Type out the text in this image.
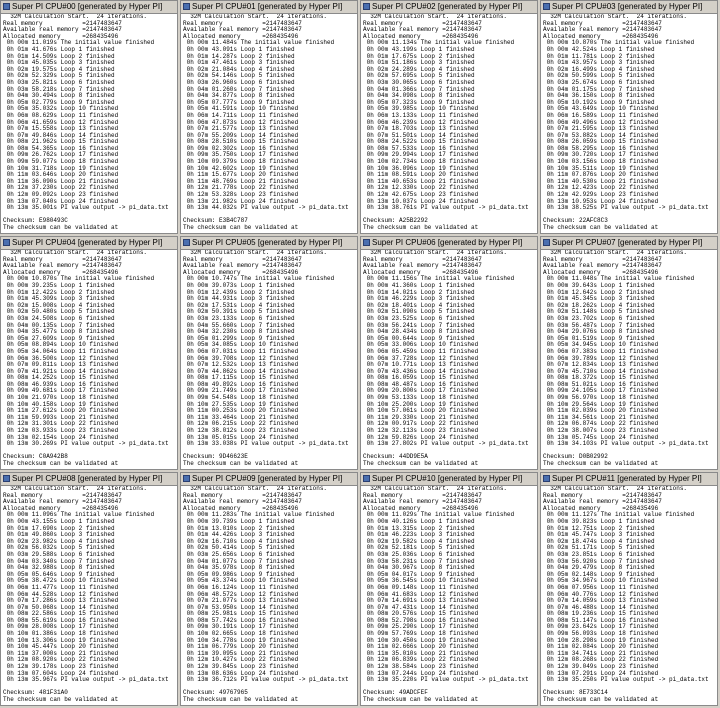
Super PI CPU#00 [generated by Hyper PI]
32M Calculation Start.  24 iterations.
Real memory           =2147483647
Available real memory =2147483647
Allocated memory      =268435496
0h 00m 11.019s The initial value finished
0h 01m 41.676s Loop 1 finished
0h 01m 14.509s Loop 2 finished
0h 01m 45.035s Loop 3 finished
0h 02m 19.575s Loop 4 finished
0h 02m 52.329s Loop 5 finished
0h 03m 25.821s Loop 6 finished
0h 03m 58.218s Loop 7 finished
0h 04m 30.494s Loop 8 finished
0h 05m 02.779s Loop 9 finished
0h 05m 35.032s Loop 10 finished
0h 06m 08.629s Loop 11 finished
0h 06m 41.659s Loop 12 finished
0h 07m 15.558s Loop 13 finished
0h 07m 49.846s Loop 14 finished
0h 08m 21.962s Loop 15 finished
0h 08m 54.365s Loop 16 finished
0h 09m 26.762s Loop 17 finished
0h 09m 59.077s Loop 18 finished
0h 10m 31.718s Loop 19 finished
0h 11m 03.646s Loop 20 finished
0h 11m 36.090s Loop 21 finished
0h 12m 37.230s Loop 22 finished
0h 12m 09.092s Loop 23 finished
0h 13m 07.040s Loop 24 finished
0h 13m 35.001s PI value output -> pi_data.txt
Checksum: E980493C
The checksum can be validated at
Super PI CPU#01 [generated by Hyper PI]
32M Calculation Start.  24 iterations.
Real memory           =2147483647
Available real memory =2147483647
Allocated memory      =268435496
0h 00m 11.484s The initial value finished
0h 00m 43.091s Loop 1 finished
0h 01m 14.287s Loop 2 finished
0h 01m 47.461s Loop 3 finished
0h 02m 21.084s Loop 4 finished
0h 02m 54.146s Loop 5 finished
0h 03m 26.960s Loop 6 finished
0h 04m 01.260s Loop 7 finished
0h 04m 34.877s Loop 8 finished
0h 05m 07.777s Loop 9 finished
0h 05m 41.591s Loop 10 finished
0h 06m 14.711s Loop 11 finished
0h 06m 47.873s Loop 12 finished
0h 07m 21.577s Loop 13 finished
0h 07m 55.209s Loop 14 finished
0h 08m 28.510s Loop 15 finished
0h 09m 02.302s Loop 16 finished
0h 09m 35.750s Loop 17 finished
0h 10m 09.379s Loop 18 finished
0h 10m 42.602s Loop 19 finished
0h 11m 15.677s Loop 20 finished
0h 11m 48.769s Loop 21 finished
0h 12m 21.778s Loop 22 finished
0h 12m 53.328s Loop 23 finished
0h 13m 21.982s Loop 24 finished
0h 13m 44.032s PI value output -> pi_data.txt
Checksum: E3B4C787
The checksum can be validated at
Super PI CPU#02 [generated by Hyper PI]
32M Calculation Start.  24 iterations.
Real memory           =2147483647
Available real memory =2147483647
Allocated memory      =268435496
0h 00m 11.134s The initial value finished
0h 00m 43.199s Loop 1 finished
0h 01m 17.675s Loop 2 finished
0h 01m 51.186s Loop 3 finished
0h 02m 24.289s Loop 4 finished
0h 02m 57.695s Loop 5 finished
0h 03m 30.065s Loop 6 finished
0h 04m 01.366s Loop 7 finished
0h 04m 34.098s Loop 8 finished
0h 05m 07.323s Loop 9 finished
0h 05m 39.985s Loop 10 finished
0h 06m 13.133s Loop 11 finished
0h 06m 46.239s Loop 12 finished
0h 07m 18.703s Loop 13 finished
0h 07m 51.501s Loop 14 finished
0h 08m 24.522s Loop 15 finished
0h 08m 57.533s Loop 16 finished
0h 09m 29.994s Loop 17 finished
0h 10m 02.734s Loop 18 finished
0h 10m 36.096s Loop 19 finished
0h 11m 08.591s Loop 20 finished
0h 11m 40.653s Loop 21 finished
0h 12m 12.330s Loop 22 finished
0h 12m 42.675s Loop 23 finished
0h 13m 10.037s Loop 24 finished
0h 13m 38.761s PI value output -> pi_data.txt
Checksum: A25B2292
The checksum can be validated at
Super PI CPU#03 [generated by Hyper PI]
32M Calculation Start.  24 iterations.
Real memory           =2147483647
Available real memory =2147483647
Allocated memory      =268435496
0h 00m 10.870s The initial value finished
0h 00m 42.524s Loop 1 finished
0h 01m 11.781s Loop 2 finished
0h 01m 43.957s Loop 3 finished
0h 02m 16.499s Loop 4 finished
0h 02m 50.599s Loop 5 finished
0h 03m 25.674s Loop 6 finished
0h 04m 01.175s Loop 7 finished
0h 04m 36.150s Loop 8 finished
0h 05m 10.192s Loop 9 finished
0h 05m 43.649s Loop 10 finished
0h 06m 16.589s Loop 11 finished
0h 06m 49.496s Loop 12 finished
0h 07m 21.595s Loop 13 finished
0h 07m 53.882s Loop 14 finished
0h 08m 26.059s Loop 15 finished
0h 08m 58.295s Loop 16 finished
0h 09m 30.720s Loop 17 finished
0h 10m 03.156s Loop 18 finished
0h 10m 35.511s Loop 19 finished
0h 11m 07.876s Loop 20 finished
0h 11m 40.530s Loop 21 finished
0h 12m 12.423s Loop 22 finished
0h 12m 42.929s Loop 23 finished
0h 13m 10.953s Loop 24 finished
0h 13m 38.525s PI value output -> pi_data.txt
Checksum: 22AFC8C3
The checksum can be validated at
Super PI CPU#04 [generated by Hyper PI]
32M Calculation Start.  24 iterations.
Real memory           =2147483647
Available real memory =2147483647
Allocated memory      =268435496
0h 00m 10.870s The initial value finished
0h 00m 39.235s Loop 1 finished
0h 01m 12.422s Loop 2 finished
0h 01m 45.309s Loop 3 finished
0h 02m 15.008s Loop 4 finished
0h 02m 50.480s Loop 5 finished
0h 03m 24.508s Loop 6 finished
0h 04m 00.135s Loop 7 finished
0h 04m 35.477s Loop 8 finished
0h 05m 27.609s Loop 9 finished
0h 05m 08.894s Loop 10 finished
0h 05m 34.064s Loop 11 finished
0h 06m 36.500s Loop 12 finished
0h 07m 09.811s Loop 13 finished
0h 07m 41.921s Loop 14 finished
0h 08m 14.252s Loop 15 finished
0h 08m 46.939s Loop 16 finished
0h 09m 49.681s Loop 17 finished
0h 10m 21.970s Loop 18 finished
0h 10m 40.158s Loop 19 finished
0h 11m 27.612s Loop 20 finished
0h 11m 59.993s Loop 21 finished
0h 12m 31.301s Loop 22 finished
0h 12m 03.933s Loop 23 finished
0h 13m 02.154s Loop 24 finished
0h 13m 30.269s PI value output -> pi_data.txt
Checksum: C0A942B8
The checksum can be validated at
Super PI CPU#05 [generated by Hyper PI]
32M Calculation Start.  24 iterations.
Real memory           =2147483647
Available real memory =2147483647
Allocated memory      =268435496
0h 00m 10.747s The initial value finished
0h 00m 39.073s Loop 1 finished
0h 01m 12.439s Loop 2 finished
0h 01m 44.931s Loop 3 finished
0h 02m 17.531s Loop 4 finished
0h 02m 50.391s Loop 5 finished
0h 03m 23.133s Loop 6 finished
0h 04m 55.660s Loop 7 finished
0h 04m 32.230s Loop 8 finished
0h 05m 01.299s Loop 9 finished
0h 05m 34.085s Loop 10 finished
0h 06m 07.031s Loop 11 finished
0h 06m 39.708s Loop 12 finished
0h 07m 12.532s Loop 13 finished
0h 07m 44.862s Loop 14 finished
0h 08m 17.115s Loop 15 finished
0h 08m 49.892s Loop 16 finished
0h 09m 21.749s Loop 17 finished
0h 09m 54.548s Loop 18 finished
0h 10m 27.535s Loop 19 finished
0h 11m 00.253s Loop 20 finished
0h 11m 33.464s Loop 21 finished
0h 12m 06.215s Loop 22 finished
0h 12m 38.012s Loop 23 finished
0h 13m 05.015s Loop 24 finished
0h 13m 33.038s PI value output -> pi_data.txt
Checksum: 9D46623E
The checksum can be validated at
Super PI CPU#06 [generated by Hyper PI]
32M Calculation Start.  24 iterations.
Real memory           =2147483647
Available real memory =2147483647
Allocated memory      =268435496
0h 00m 11.156s The initial value finished
0h 00m 41.360s Loop 1 finished
0h 01m 14.021s Loop 2 finished
0h 01m 46.229s Loop 3 finished
0h 02m 18.401s Loop 4 finished
0h 02m 51.090s Loop 5 finished
0h 03m 23.525s Loop 6 finished
0h 03m 56.241s Loop 7 finished
0h 04m 28.434s Loop 8 finished
0h 05m 00.644s Loop 9 finished
0h 05m 33.006s Loop 10 finished
0h 06m 05.459s Loop 11 finished
0h 06m 37.728s Loop 12 finished
0h 07m 10.771s Loop 13 finished
0h 07m 43.436s Loop 14 finished
0h 08m 16.059s Loop 15 finished
0h 08m 48.487s Loop 16 finished
0h 09m 20.800s Loop 17 finished
0h 09m 53.133s Loop 18 finished
0h 10m 25.200s Loop 19 finished
0h 10m 57.061s Loop 20 finished
0h 11m 29.330s Loop 21 finished
0h 12m 00.917s Loop 22 finished
0h 12m 32.113s Loop 23 finished
0h 12m 59.826s Loop 24 finished
0h 13m 27.802s PI value output -> pi_data.txt
Checksum: 44DD9E5A
The checksum can be validated at
Super PI CPU#07 [generated by Hyper PI]
32M Calculation Start.  24 iterations.
Real memory           =2147483647
Available real memory =2147483647
Allocated memory      =268435496
0h 00m 11.048s The initial value finished
0h 00m 39.643s Loop 1 finished
0h 01m 12.642s Loop 2 finished
0h 01m 45.345s Loop 3 finished
0h 02m 18.262s Loop 4 finished
0h 02m 51.148s Loop 5 finished
0h 03m 23.702s Loop 6 finished
0h 03m 56.487s Loop 7 finished
0h 04m 29.076s Loop 8 finished
0h 05m 01.519s Loop 9 finished
0h 05m 34.945s Loop 10 finished
0h 06m 07.383s Loop 11 finished
0h 06m 39.789s Loop 12 finished
0h 07m 12.834s Loop 13 finished
0h 07m 45.710s Loop 14 finished
0h 08m 18.372s Loop 15 finished
0h 08m 51.021s Loop 16 finished
0h 09m 24.105s Loop 17 finished
0h 09m 56.970s Loop 18 finished
0h 10m 29.564s Loop 19 finished
0h 11m 02.039s Loop 20 finished
0h 11m 34.561s Loop 21 finished
0h 12m 06.874s Loop 22 finished
0h 12m 38.007s Loop 23 finished
0h 13m 05.745s Loop 24 finished
0h 13m 34.103s PI value output -> pi_data.txt
Checksum: D0B02992
The checksum can be validated at
Super PI CPU#08 [generated by Hyper PI]
32M Calculation Start.  24 iterations.
Real memory           =2147483647
Available real memory =2147483647
Allocated memory      =268435496
0h 00m 11.096s The initial value finished
0h 00m 43.155s Loop 1 finished
0h 01m 17.690s Loop 2 finished
0h 01m 49.860s Loop 3 finished
0h 02m 23.982s Loop 4 finished
0h 02m 56.032s Loop 5 finished
0h 03m 29.588s Loop 6 finished
0h 04m 03.340s Loop 7 finished
0h 04m 32.988s Loop 8 finished
0h 05m 05.646s Loop 9 finished
0h 05m 38.472s Loop 10 finished
0h 06m 11.477s Loop 11 finished
0h 06m 44.528s Loop 12 finished
0h 07m 17.286s Loop 13 finished
0h 07m 50.068s Loop 14 finished
0h 08m 22.586s Loop 15 finished
0h 08m 55.619s Loop 16 finished
0h 09m 28.008s Loop 17 finished
0h 10m 01.386s Loop 18 finished
0h 10m 13.306s Loop 19 finished
0h 10m 45.447s Loop 20 finished
0h 11m 37.000s Loop 21 finished
0h 12m 08.920s Loop 22 finished
0h 12m 39.178s Loop 23 finished
0h 13m 07.604s Loop 24 finished
0h 13m 35.967s PI value output -> pi_data.txt
Checksum: 481F31A0
The checksum can be validated at
Super PI CPU#09 [generated by Hyper PI]
32M Calculation Start.  24 iterations.
Real memory           =2147483647
Available real memory =2147483647
Allocated memory      =268435496
0h 00m 11.283s The initial value finished
0h 00m 39.739s Loop 1 finished
0h 01m 13.010s Loop 2 finished
0h 01m 44.426s Loop 3 finished
0h 02m 16.710s Loop 4 finished
0h 02m 50.414s Loop 5 finished
0h 03m 25.656s Loop 6 finished
0h 04m 01.077s Loop 7 finished
0h 04m 35.978s Loop 8 finished
0h 05m 09.986s Loop 9 finished
0h 05m 43.374s Loop 10 finished
0h 06m 16.124s Loop 11 finished
0h 06m 48.572s Loop 12 finished
0h 07m 21.077s Loop 13 finished
0h 07m 53.950s Loop 14 finished
0h 08m 25.981s Loop 15 finished
0h 08m 57.742s Loop 16 finished
0h 09m 30.191s Loop 17 finished
0h 10m 02.665s Loop 18 finished
0h 10m 34.778s Loop 19 finished
0h 11m 06.779s Loop 20 finished
0h 11m 39.095s Loop 21 finished
0h 12m 10.427s Loop 22 finished
0h 12m 39.845s Loop 23 finished
0h 13m 08.636s Loop 24 finished
0h 13m 36.712s PI value output -> pi_data.txt
Checksum: 49767965
The checksum can be validated at
Super PI CPU#10 [generated by Hyper PI]
32M Calculation Start.  24 iterations.
Real memory           =2147483647
Available real memory =2147483647
Allocated memory      =268435496
0h 00m 11.029s The initial value finished
0h 00m 40.126s Loop 1 finished
0h 01m 13.315s Loop 2 finished
0h 01m 46.223s Loop 3 finished
0h 02m 19.582s Loop 4 finished
0h 02m 52.181s Loop 5 finished
0h 03m 25.036s Loop 6 finished
0h 03m 58.231s Loop 7 finished
0h 04m 30.967s Loop 8 finished
0h 05m 04.017s Loop 9 finished
0h 05m 36.545s Loop 10 finished
0h 06m 09.148s Loop 11 finished
0h 06m 41.683s Loop 12 finished
0h 07m 14.691s Loop 13 finished
0h 07m 47.431s Loop 14 finished
0h 08m 20.576s Loop 15 finished
0h 08m 52.798s Loop 16 finished
0h 09m 25.290s Loop 17 finished
0h 09m 57.769s Loop 18 finished
0h 10m 30.450s Loop 19 finished
0h 11m 02.666s Loop 20 finished
0h 11m 35.010s Loop 21 finished
0h 12m 06.839s Loop 22 finished
0h 12m 38.584s Loop 23 finished
0h 13m 07.244s Loop 24 finished
0h 13m 35.220s PI value output -> pi_data.txt
Checksum: 49ADCFEF
The checksum can be validated at
Super PI CPU#11 [generated by Hyper PI]
32M Calculation Start.  24 iterations.
Real memory           =2147483647
Available real memory =2147483647
Allocated memory      =268435496
0h 00m 11.127s The initial value finished
0h 00m 39.823s Loop 1 finished
0h 01m 12.751s Loop 2 finished
0h 01m 45.747s Loop 3 finished
0h 02m 18.474s Loop 4 finished
0h 02m 51.171s Loop 5 finished
0h 03m 23.851s Loop 6 finished
0h 03m 56.920s Loop 7 finished
0h 04m 29.479s Loop 8 finished
0h 05m 02.148s Loop 9 finished
0h 05m 34.967s Loop 10 finished
0h 06m 07.956s Loop 11 finished
0h 06m 40.776s Loop 12 finished
0h 07m 14.059s Loop 13 finished
0h 07m 46.488s Loop 14 finished
0h 08m 19.236s Loop 15 finished
0h 08m 51.147s Loop 16 finished
0h 09m 23.642s Loop 17 finished
0h 09m 56.093s Loop 18 finished
0h 10m 28.298s Loop 19 finished
0h 11m 02.084s Loop 20 finished
0h 11m 34.741s Loop 21 finished
0h 12m 08.268s Loop 22 finished
0h 12m 39.049s Loop 23 finished
0h 13m 07.291s Loop 24 finished
0h 13m 35.250s PI value output -> pi_data.txt
Checksum: 8E733C14
The checksum can be validated at
